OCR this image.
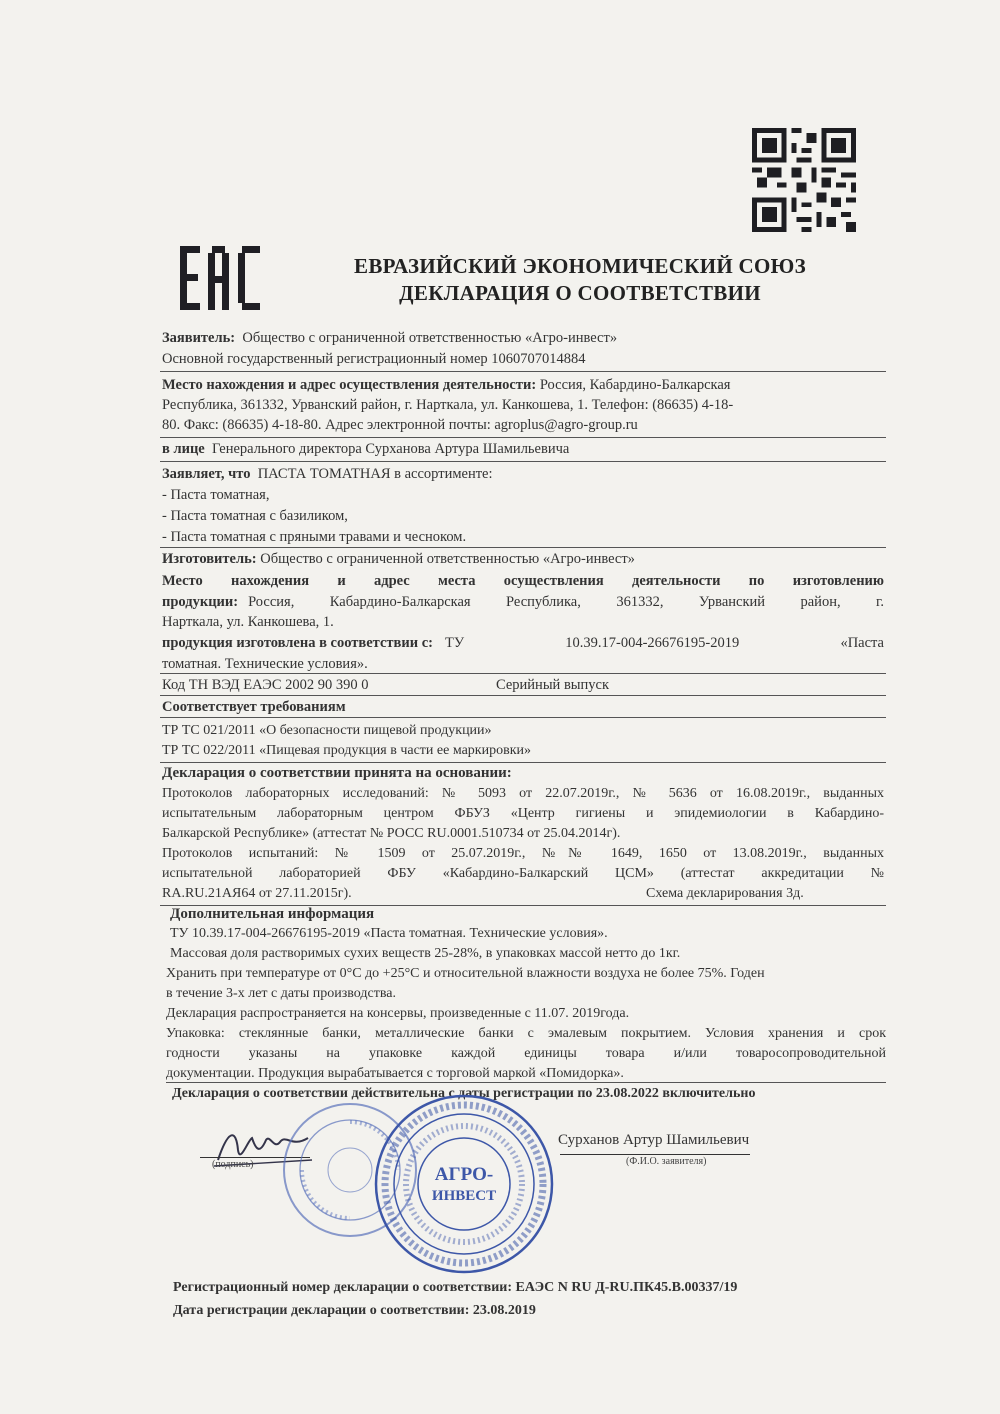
ЕВРАЗИЙСКИЙ ЭКОНОМИЧЕСКИЙ СОЮЗ
ДЕКЛАРАЦИЯ О СООТВЕТСТВИИ
Заявитель: Общество с ограниченной ответственностью «Агро-инвест»
Основной государственный регистрационный номер 1060707014884
Место нахождения и адрес осуществления деятельности: Россия, Кабардино-Балкарская
Республика, 361332, Урванский район, г. Нарткала, ул. Канкошева, 1. Телефон: (86635) 4-18-
80. Факс: (86635) 4-18-80. Адрес электронной почты: agroplus@agro-group.ru
в лице Генерального директора Сурханова Артура Шамильевича
Заявляет, что ПАСТА ТОМАТНАЯ в ассортименте:
- Паста томатная,
- Паста томатная с базиликом,
- Паста томатная с пряными травами и чесноком.
Изготовитель: Общество с ограниченной ответственностью «Агро-инвест»
Место нахождения и адрес места осуществления деятельности по изготовлению
продукции: Россия, Кабардино-Балкарская Республика, 361332, Урванский район, г.
Нарткала, ул. Канкошева, 1.
продукция изготовлена в соответствии с: ТУ 10.39.17-004-26676195-2019 «Паста
томатная. Технические условия».
Код ТН ВЭД ЕАЭС 2002 90 390 0	Серийный выпуск
Соответствует требованиям
ТР ТС 021/2011 «О безопасности пищевой продукции»
ТР ТС 022/2011 «Пищевая продукция в части ее маркировки»
Декларация о соответствии принята на основании:
Протоколов лабораторных исследований: № 5093 от 22.07.2019г., № 5636 от 16.08.2019г., выданных
испытательным лабораторным центром ФБУЗ «Центр гигиены и эпидемиологии в Кабардино-
Балкарской Республике» (аттестат № РОСС RU.0001.510734 от 25.04.2014г).
Протоколов испытаний: № 1509 от 25.07.2019г., №№ 1649, 1650 от 13.08.2019г., выданных
испытательной лабораторией ФБУ «Кабардино-Балкарский ЦСМ» (аттестат аккредитации №
RA.RU.21АЯ64 от 27.11.2015г).	Схема декларирования 3д.
Дополнительная информация
ТУ 10.39.17-004-26676195-2019 «Паста томатная. Технические условия».
Массовая доля растворимых сухих веществ 25-28%, в упаковках массой нетто до 1кг.
Хранить при температуре от 0°С до +25°С и относительной влажности воздуха не более 75%. Годен
в течение 3-х лет с даты производства.
Декларация распространяется на консервы, произведенные с 11.07. 2019года.
Упаковка: стеклянные банки, металлические банки с эмалевым покрытием. Условия хранения и срок
годности указаны на упаковке каждой единицы товара и/или товаросопроводительной
документации. Продукция вырабатывается с торговой маркой «Помидорка».
Декларация о соответствии действительна с даты регистрации по 23.08.2022 включительно
(подпись)
Сурханов Артур Шамильевич
(Ф.И.О. заявителя)
АГРО-
ИНВЕСТ
Регистрационный номер декларации о соответствии: ЕАЭС N RU Д-RU.ПК45.В.00337/19
Дата регистрации декларации о соответствии: 23.08.2019
